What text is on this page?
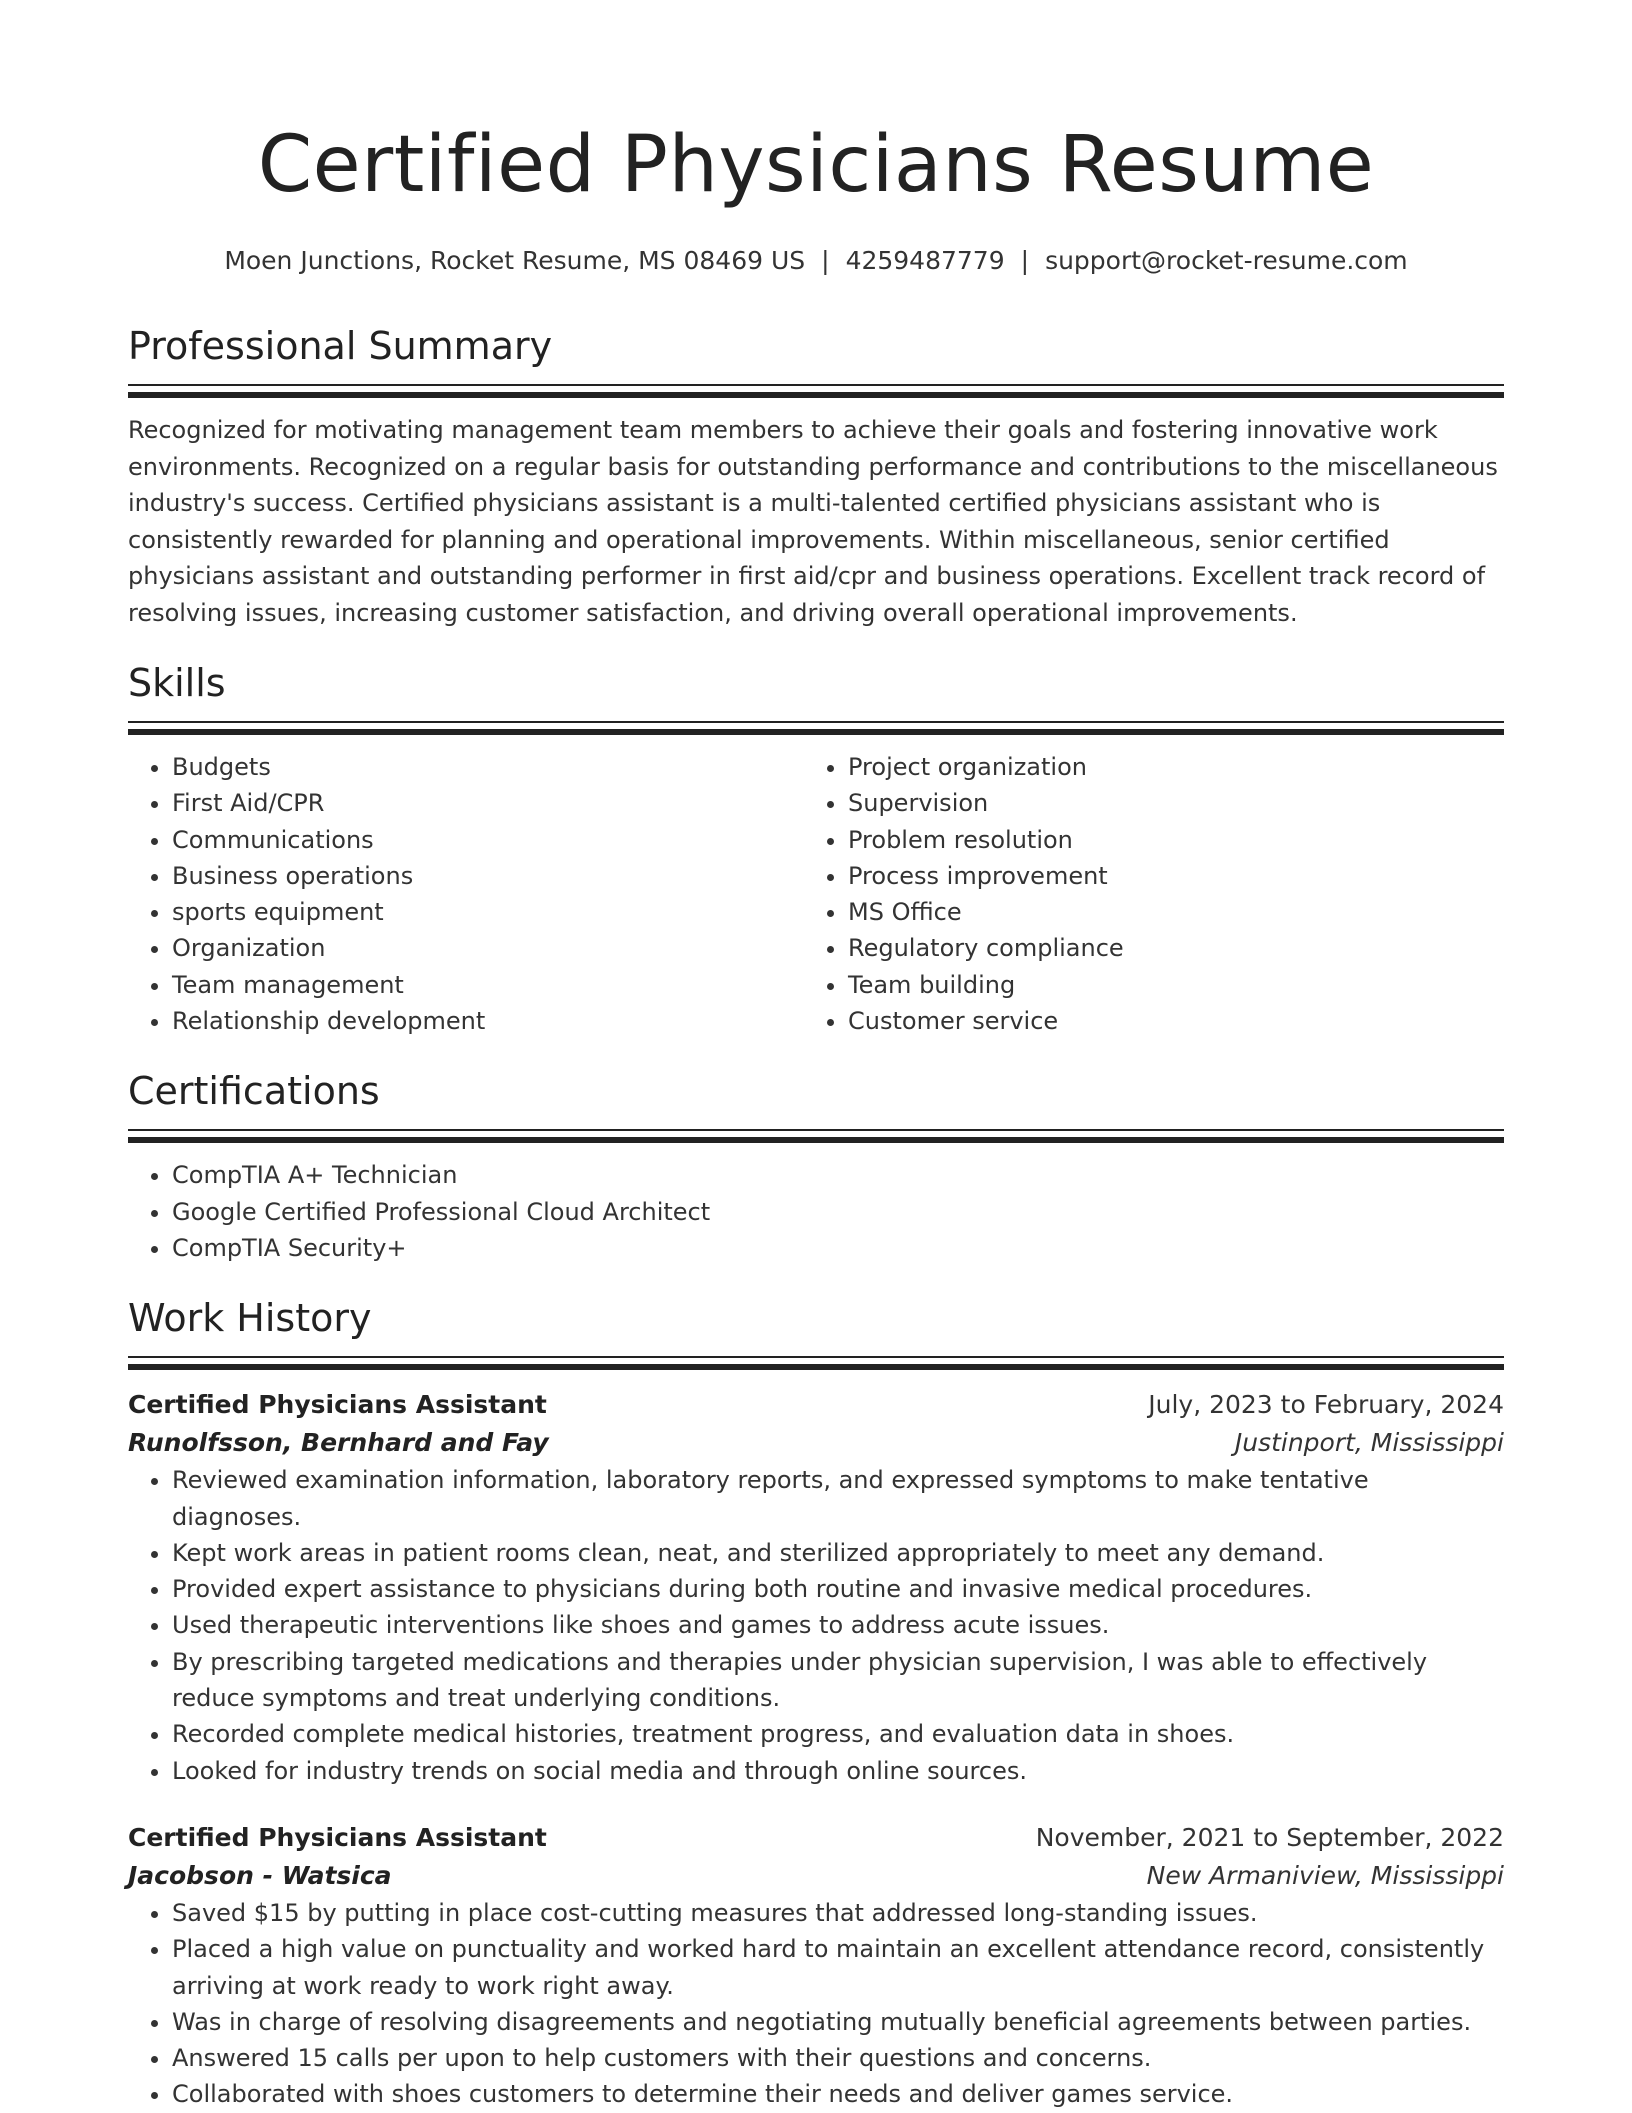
Certified Physicians Resume
Moen Junctions, Rocket Resume, MS 08469 US | 4259487779 | support@rocket-resume.com
Professional Summary

Recognized for motivating management team members to achieve their goals and fostering innovative work environments. Recognized on a regular basis for outstanding performance and contributions to the miscellaneous industry's success. Certified physicians assistant is a multi-talented certified physicians assistant who is consistently rewarded for planning and operational improvements. Within miscellaneous, senior certified physicians assistant and outstanding performer in first aid/cpr and business operations. Excellent track record of resolving issues, increasing customer satisfaction, and driving overall operational improvements.

Skills
• Budgets
• First Aid/CPR
• Communications
• Business operations
• sports equipment
• Organization
• Team management
• Relationship development
• Project organization
• Supervision
• Problem resolution
• Process improvement
• MS Office
• Regulatory compliance
• Team building
• Customer service
Certifications
• CompTIA A+ Technician
• Google Certified Professional Cloud Architect
• CompTIA Security+
Work History
Certified Physicians Assistant	July, 2023 to February, 2024
Runolfsson, Bernhard and Fay	Justinport, Mississippi
• Reviewed examination information, laboratory reports, and expressed symptoms to make tentative diagnoses.
• Kept work areas in patient rooms clean, neat, and sterilized appropriately to meet any demand.
• Provided expert assistance to physicians during both routine and invasive medical procedures.
• Used therapeutic interventions like shoes and games to address acute issues.
• By prescribing targeted medications and therapies under physician supervision, I was able to effectively reduce symptoms and treat underlying conditions.
• Recorded complete medical histories, treatment progress, and evaluation data in shoes.
• Looked for industry trends on social media and through online sources.
Certified Physicians Assistant	November, 2021 to September, 2022
Jacobson - Watsica	New Armaniview, Mississippi
• Saved $15 by putting in place cost-cutting measures that addressed long-standing issues.
• Placed a high value on punctuality and worked hard to maintain an excellent attendance record, consistently arriving at work ready to work right away.
• Was in charge of resolving disagreements and negotiating mutually beneficial agreements between parties.
• Answered 15 calls per upon to help customers with their questions and concerns.
• Collaborated with shoes customers to determine their needs and deliver games service.
